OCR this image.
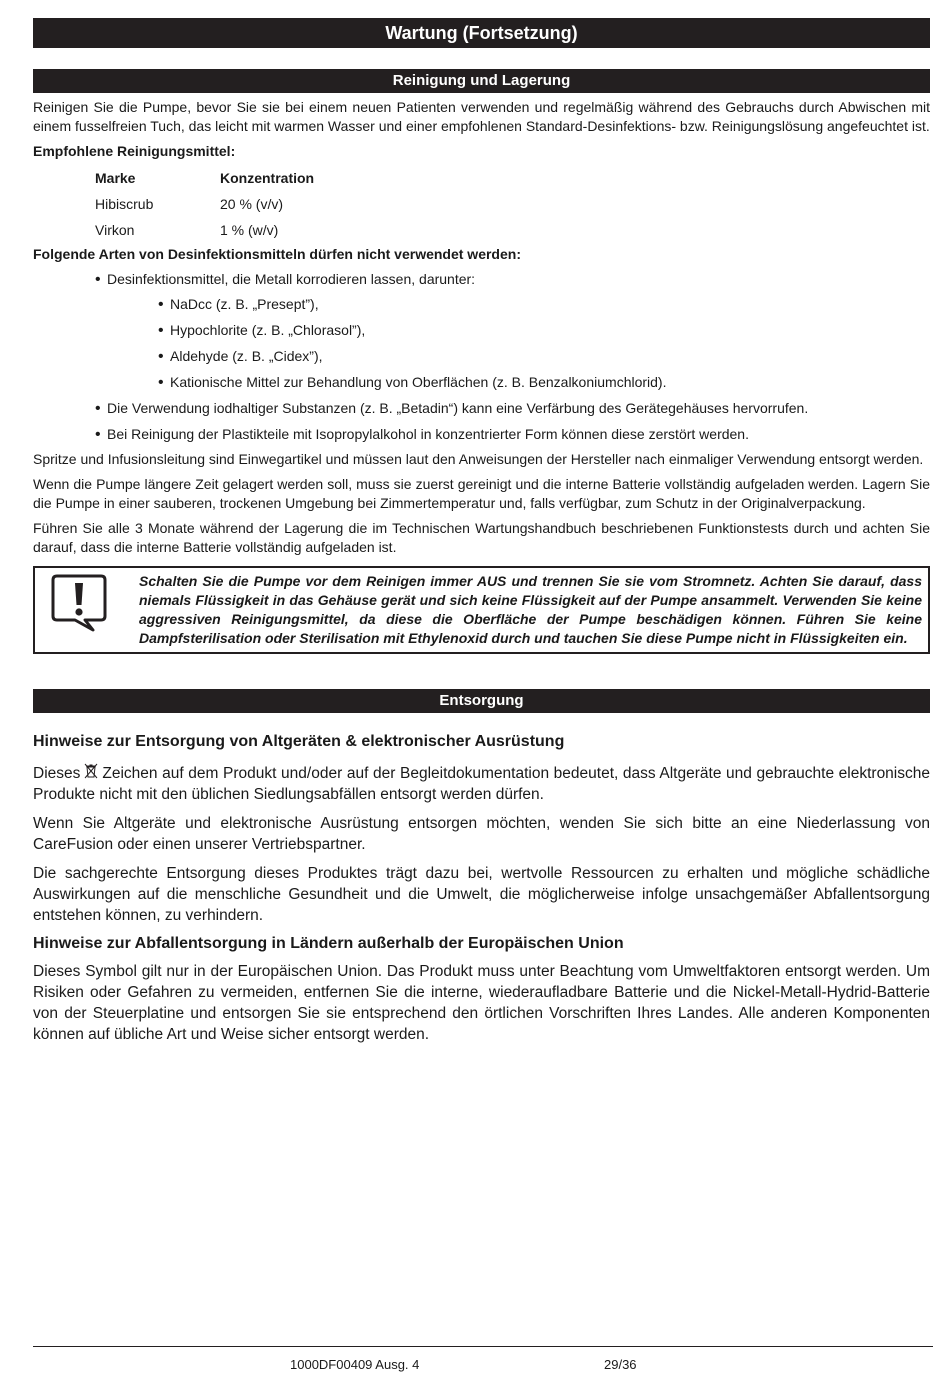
Wartung (Fortsetzung)
Reinigung und Lagerung

Reinigen Sie die Pumpe, bevor Sie sie bei einem neuen Patienten verwenden und regelmäßig während des Gebrauchs durch Abwischen mit einem fusselfreien Tuch, das leicht mit warmen Wasser und einer empfohlenen Standard-Desinfektions- bzw. Reinigungslösung angefeuchtet ist.

Empfohlene Reinigungsmittel:

Marke	Konzentration
Hibiscrub	20 % (v/v)
Virkon	1 % (w/v)

Folgende Arten von Desinfektionsmitteln dürfen nicht verwendet werden:

• Desinfektionsmittel, die Metall korrodieren lassen, darunter:
• NaDcc (z. B. „Presept”),
• Hypochlorite (z. B. „Chlorasol”),
• Aldehyde (z. B. „Cidex”),
• Kationische Mittel zur Behandlung von Oberflächen (z. B. Benzalkoniumchlorid).
• Die Verwendung iodhaltiger Substanzen (z. B. „Betadin“) kann eine Verfärbung des Gerätegehäuses hervorrufen.
• Bei Reinigung der Plastikteile mit Isopropylalkohol in konzentrierter Form können diese zerstört werden.

Spritze und Infusionsleitung sind Einwegartikel und müssen laut den Anweisungen der Hersteller nach einmaliger Verwendung entsorgt werden.

Wenn die Pumpe längere Zeit gelagert werden soll, muss sie zuerst gereinigt und die interne Batterie vollständig aufgeladen werden. Lagern Sie die Pumpe in einer sauberen, trockenen Umgebung bei Zimmertemperatur und, falls verfügbar, zum Schutz in der Originalverpackung.

Führen Sie alle 3 Monate während der Lagerung die im Technischen Wartungshandbuch beschriebenen Funktionstests durch und achten Sie darauf, dass die interne Batterie vollständig aufgeladen ist.

Schalten Sie die Pumpe vor dem Reinigen immer AUS und trennen Sie sie vom Stromnetz. Achten Sie darauf, dass niemals Flüssigkeit in das Gehäuse gerät und sich keine Flüssigkeit auf der Pumpe ansammelt. Verwenden Sie keine aggressiven Reinigungsmittel, da diese die Oberfläche der Pumpe beschädigen können. Führen Sie keine Dampfsterilisation oder Sterilisation mit Ethylenoxid durch und tauchen Sie diese Pumpe nicht in Flüssigkeiten ein.

Entsorgung

Hinweise zur Entsorgung von Altgeräten & elektronischer Ausrüstung

Dieses Zeichen auf dem Produkt und/oder auf der Begleitdokumentation bedeutet, dass Altgeräte und gebrauchte elektronische Produkte nicht mit den üblichen Siedlungsabfällen entsorgt werden dürfen.

Wenn Sie Altgeräte und elektronische Ausrüstung entsorgen möchten, wenden Sie sich bitte an eine Niederlassung von CareFusion oder einen unserer Vertriebspartner.

Die sachgerechte Entsorgung dieses Produktes trägt dazu bei, wertvolle Ressourcen zu erhalten und mögliche schädliche Auswirkungen auf die menschliche Gesundheit und die Umwelt, die möglicherweise infolge unsachgemäßer Abfallentsorgung entstehen können, zu verhindern.

Hinweise zur Abfallentsorgung in Ländern außerhalb der Europäischen Union

Dieses Symbol gilt nur in der Europäischen Union. Das Produkt muss unter Beachtung vom Umweltfaktoren entsorgt werden. Um Risiken oder Gefahren zu vermeiden, entfernen Sie die interne, wiederaufladbare Batterie und die Nickel-Metall-Hydrid-Batterie von der Steuerplatine und entsorgen Sie sie entsprechend den örtlichen Vorschriften Ihres Landes. Alle anderen Komponenten können auf übliche Art und Weise sicher entsorgt werden.

1000DF00409 Ausg. 4	29/36
